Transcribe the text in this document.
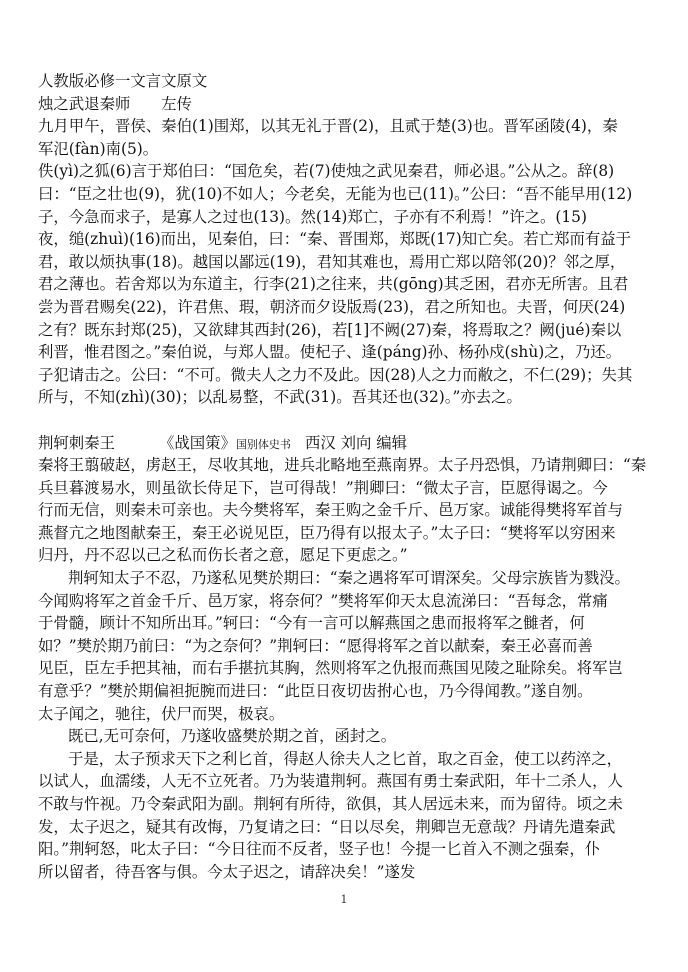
人教版必修一文言文原文
烛之武退秦师　　左传
九月甲午，晋侯、秦伯(1)围郑，以其无礼于晋(2)，且贰于楚(3)也。晋军函陵(4)，秦
军氾(fàn)南(5)。
佚(yì)之狐(6)言于郑伯曰：“国危矣，若(7)使烛之武见秦君，师必退。”公从之。辞(8)
曰：“臣之壮也(9)，犹(10)不如人；今老矣，无能为也已(11)。”公曰：“吾不能早用(12)
子，今急而求子，是寡人之过也(13)。然(14)郑亡，子亦有不利焉！”许之。(15)
夜，缒(zhuì)(16)而出，见秦伯，曰：“秦、晋围郑，郑既(17)知亡矣。若亡郑而有益于
君，敢以烦执事(18)。越国以鄙远(19)，君知其难也，焉用亡郑以陪邻(20)？邻之厚，
君之薄也。若舍郑以为东道主，行李(21)之往来，共(gōng)其乏困，君亦无所害。且君
尝为晋君赐矣(22)，许君焦、瑕，朝济而夕设版焉(23)，君之所知也。夫晋，何厌(24)
之有？既东封郑(25)，又欲肆其西封(26)，若[1]不阙(27)秦，将焉取之？阙(jué)秦以
利晋，惟君图之。”秦伯说，与郑人盟。使杞子、逢(páng)孙、杨孙戍(shù)之，乃还。
子犯请击之。公曰：“不可。微夫人之力不及此。因(28)人之力而敝之，不仁(29)；失其
所与，不知(zhì)(30)；以乱易整，不武(31)。吾其还也(32)。”亦去之。
荆轲刺秦王	《战国策》国别体史书 西汉 刘向 编辑
秦将王翦破赵，虏赵王，尽收其地，进兵北略地至燕南界。太子丹恐惧，乃请荆卿曰：“秦
兵旦暮渡易水，则虽欲长侍足下，岂可得哉！”荆卿曰：“微太子言，臣愿得谒之。今
行而无信，则秦未可亲也。夫今樊将军，秦王购之金千斤、邑万家。诚能得樊将军首与
燕督亢之地图献秦王，秦王必说见臣，臣乃得有以报太子。”太子曰：“樊将军以穷困来
归丹，丹不忍以己之私而伤长者之意，愿足下更虑之。”
荆轲知太子不忍，乃遂私见樊於期曰：“秦之遇将军可谓深矣。父母宗族皆为戮没。
今闻购将军之首金千斤、邑万家，将奈何？”樊将军仰天太息流涕曰：“吾每念，常痛
于骨髓，顾计不知所出耳。”轲曰：“今有一言可以解燕国之患而报将军之雠者，何
如？”樊於期乃前曰：“为之奈何？”荆轲曰：“愿得将军之首以献秦，秦王必喜而善
见臣，臣左手把其袖，而右手揕抗其胸，然则将军之仇报而燕国见陵之耻除矣。将军岂
有意乎？”樊於期偏袒扼腕而进曰：“此臣日夜切齿拊心也，乃今得闻教。”遂自刎。
太子闻之，驰往，伏尸而哭，极哀。
既已,无可奈何，乃遂收盛樊於期之首，函封之。
于是，太子预求天下之利匕首，得赵人徐夫人之匕首，取之百金，使工以药淬之，
以试人，血濡缕，人无不立死者。乃为装遣荆轲。燕国有勇士秦武阳，年十二杀人，人
不敢与忤视。乃令秦武阳为副。荆轲有所待，欲俱，其人居远未来，而为留待。顷之未
发，太子迟之，疑其有改悔，乃复请之曰：“日以尽矣，荆卿岂无意哉？丹请先遣秦武
阳。”荆轲怒，叱太子曰：“今日往而不反者，竖子也！今提一匕首入不测之强秦，仆
所以留者，待吾客与俱。今太子迟之，请辞决矣！”遂发
1
